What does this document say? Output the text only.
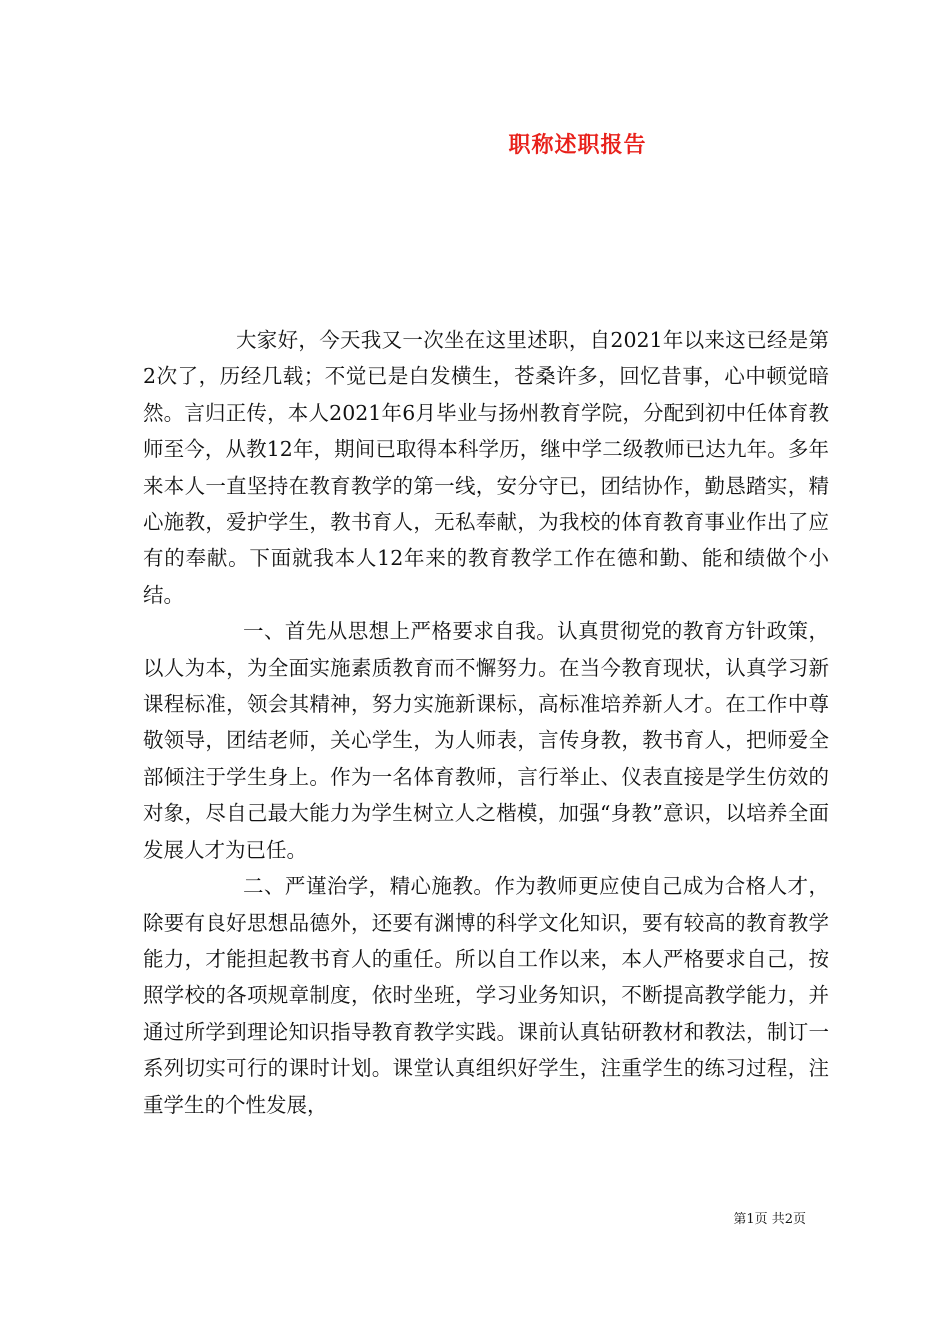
职称述职报告

大家好，今天我又一次坐在这里述职，自2021年以来这已经是第2次了，历经几载；不觉已是白发横生，苍桑许多，回忆昔事，心中顿觉暗然。言归正传，本人2021年6月毕业与扬州教育学院，分配到初中任体育教师至今，从教12年，期间已取得本科学历，继中学二级教师已达九年。多年来本人一直坚持在教育教学的第一线，安分守已，团结协作，勤恳踏实，精心施教，爱护学生，教书育人，无私奉献，为我校的体育教育事业作出了应有的奉献。下面就我本人12年来的教育教学工作在德和勤、能和绩做个小结。

一、首先从思想上严格要求自我。认真贯彻党的教育方针政策，以人为本，为全面实施素质教育而不懈努力。在当今教育现状，认真学习新课程标准，领会其精神，努力实施新课标，高标准培养新人才。在工作中尊敬领导，团结老师，关心学生，为人师表，言传身教，教书育人，把师爱全部倾注于学生身上。作为一名体育教师，言行举止、仪表直接是学生仿效的对象，尽自己最大能力为学生树立人之楷模，加强“身教”意识，以培养全面发展人才为已任。

二、严谨治学，精心施教。作为教师更应使自己成为合格人才，除要有良好思想品德外，还要有渊博的科学文化知识，要有较高的教育教学能力，才能担起教书育人的重任。所以自工作以来，本人严格要求自己，按照学校的各项规章制度，依时坐班，学习业务知识，不断提高教学能力，并通过所学到理论知识指导教育教学实践。课前认真钻研教材和教法，制订一系列切实可行的课时计划。课堂认真组织好学生，注重学生的练习过程，注重学生的个性发展，

第1页 共2页
